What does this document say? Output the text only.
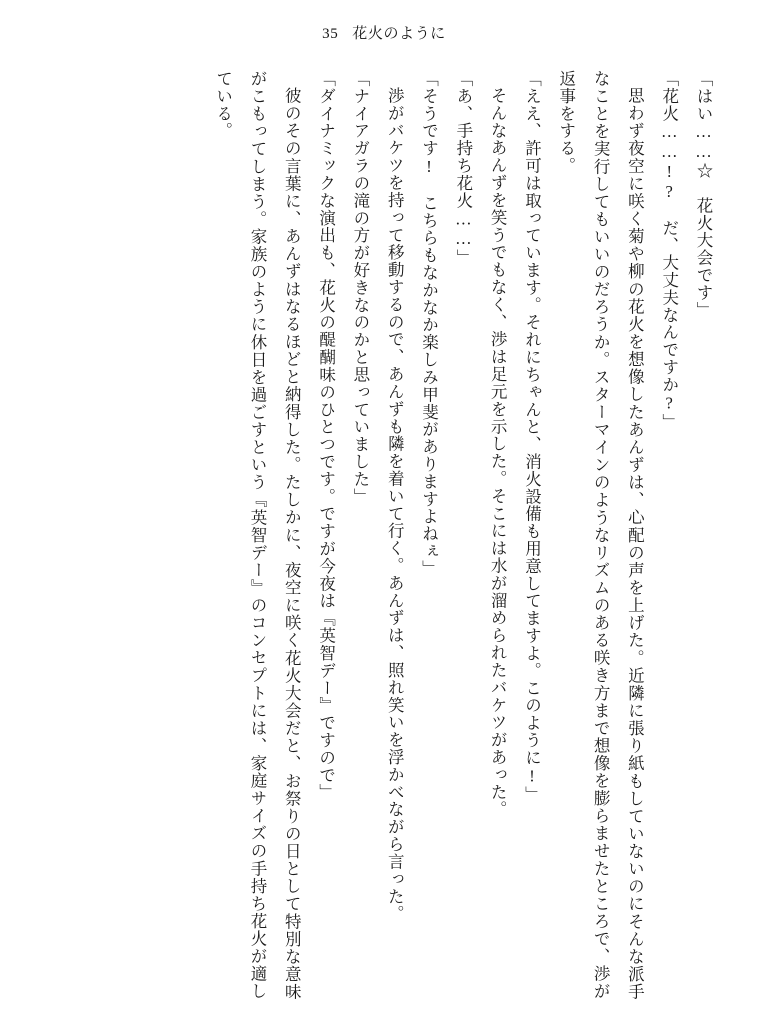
35 花火のように

「はい……☆　花火大会です」

「花火……!?　だ、大丈夫なんですか?」

思わず夜空に咲く菊や柳の花火を想像したあんずは、心配の声を上げた。近隣に張り紙もしていないのにそんな派手なことを実行してもいいのだろうか。スターマインのようなリズムのある咲き方まで想像を膨らませたところで、渉が返事をする。

「ええ、許可は取っています。それにちゃんと、消火設備も用意してますよ。このように!」

そんなあんずを笑うでもなく、渉は足元を示した。そこには水が溜められたバケツがあった。

「あ、手持ち花火……」

「そうです!　こちらもなかなか楽しみ甲斐がありますよねぇ」

渉がバケツを持って移動するので、あんずも隣を着いて行く。あんずは、照れ笑いを浮かべながら言った。

「ナイアガラの滝の方が好きなのかと思っていました」

「ダイナミックな演出も、花火の醍醐味のひとつです。ですが今夜は『英智デー』ですので」

彼のその言葉に、あんずはなるほどと納得した。たしかに、夜空に咲く花火大会だと、お祭りの日として特別な意味がこもってしまう。家族のように休日を過ごすという『英智デー』のコンセプトには、家庭サイズの手持ち花火が適している。
